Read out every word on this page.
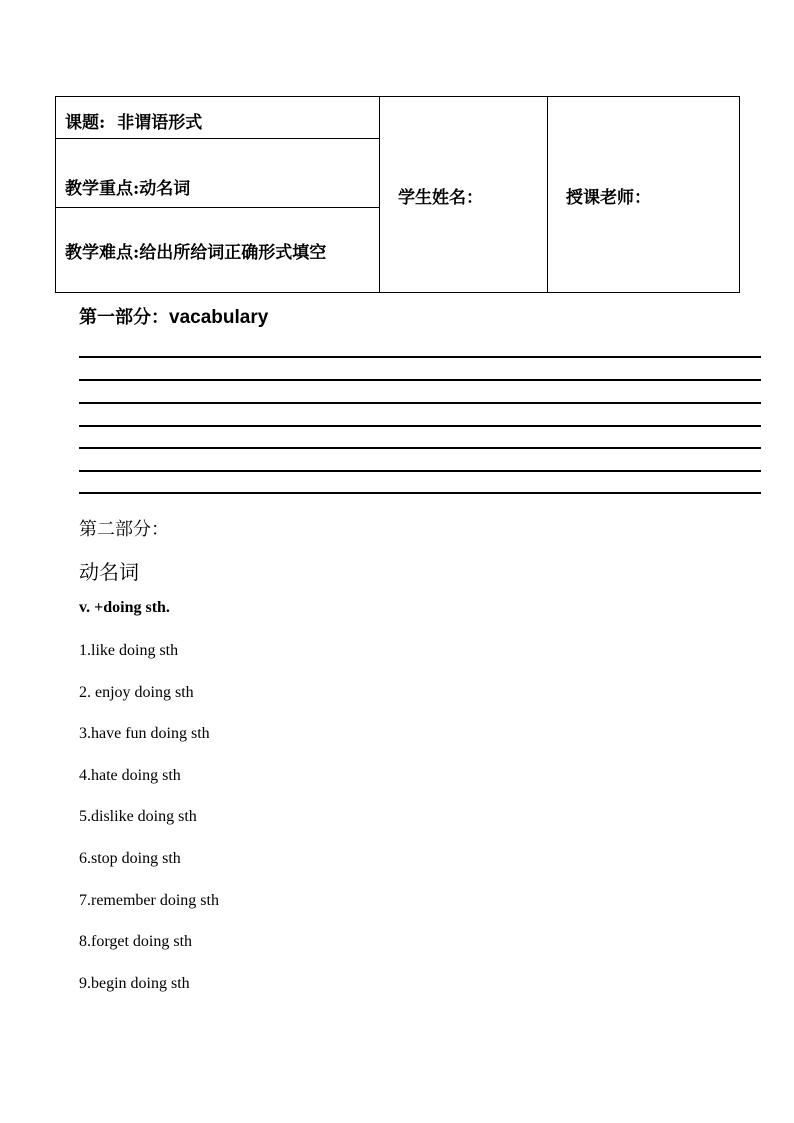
课题: 非谓语形式
教学重点:动名词
教学难点:给出所给词正确形式填空
学生姓名：	授课老师：
第一部分：vacabulary
第二部分：
动名词
v. +doing sth.
1.like doing sth
2. enjoy doing sth
3.have fun doing sth
4.hate doing sth
5.dislike doing sth
6.stop doing sth
7.remember doing sth
8.forget doing sth
9.begin doing sth
